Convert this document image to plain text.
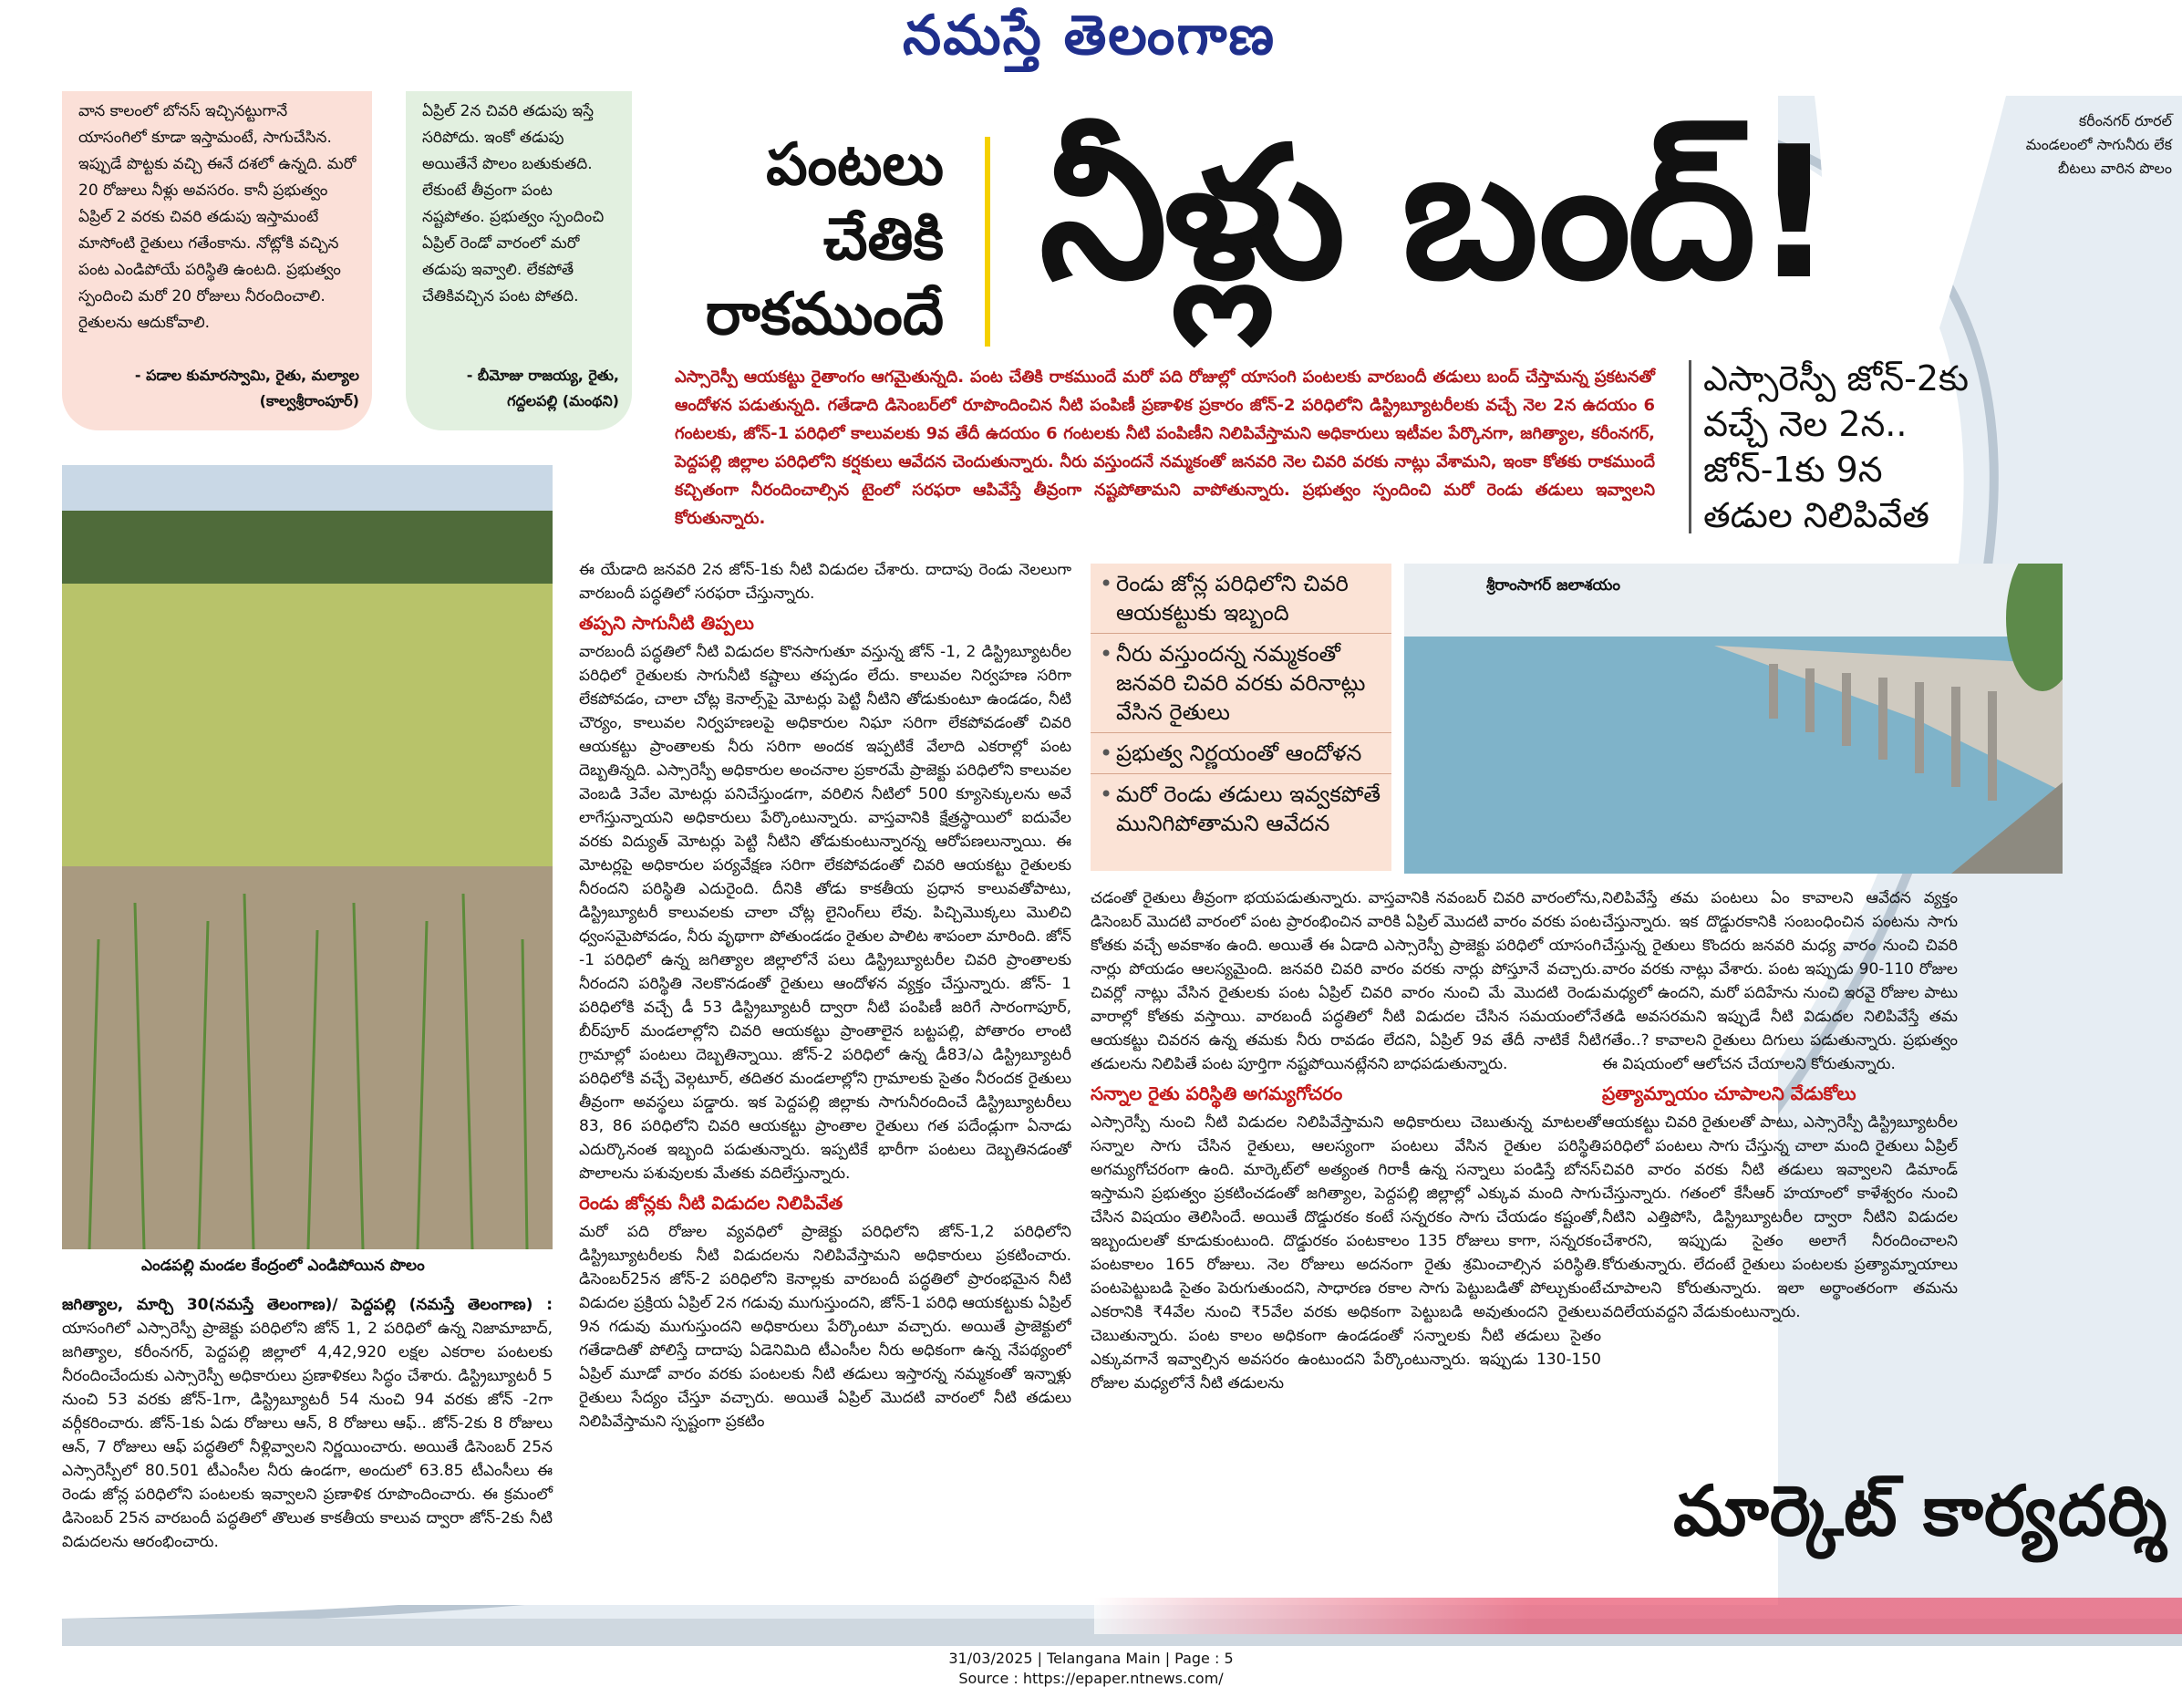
నమస్తే తెలంగాణ
వాన కాలంలో బోనస్ ఇచ్చినట్టుగానే యాసంగిలో కూడా ఇస్తామంటే, సాగుచేసిన. ఇప్పుడే పొట్టకు వచ్చి ఈనే దశలో ఉన్నది. మరో 20 రోజులు నీళ్లు అవసరం. కానీ ప్రభుత్వం ఏప్రిల్ 2 వరకు చివరి తడుపు ఇస్తామంటే మాసోంటి రైతులు గతేంకాను. నోట్లోకి వచ్చిన పంట ఎండిపోయే పరిస్థితి ఉంటది. ప్రభుత్వం స్పందించి మరో 20 రోజులు నీరందించాలి. రైతులను ఆదుకోవాలి.
- పడాల కుమారస్వామి, రైతు, మల్యాల (కాల్వశ్రీరాంపూర్)
ఏప్రిల్ 2న చివరి తడుపు ఇస్తే సరిపోదు. ఇంకో తడుపు అయితేనే పొలం బతుకుతది. లేకుంటే తీవ్రంగా పంట నష్టపోతం. ప్రభుత్వం స్పందించి ఏప్రిల్ రెండో వారంలో మరో తడుపు ఇవ్వాలి. లేకపోతే చేతికివచ్చిన పంట పోతది.
- బీమోజు రాజయ్య, రైతు, గద్దలపల్లి (మంథని)
ఎండపల్లి మండల కేంద్రంలో ఎండిపోయిన పొలం
జగిత్యాల, మార్చి 30(నమస్తే తెలంగాణ)/ పెద్దపల్లి (నమస్తే తెలంగాణ) : యాసంగిలో ఎస్సారెస్పీ ప్రాజెక్టు పరిధిలోని జోన్ 1, 2 పరిధిలో ఉన్న నిజామాబాద్, జగిత్యాల, కరీంనగర్, పెద్దపల్లి జిల్లాలో 4,42,920 లక్షల ఎకరాల పంటలకు నీరందించేందుకు ఎస్సారెస్పీ అధికారులు ప్రణాళికలు సిద్ధం చేశారు. డిస్ట్రిబ్యూటరీ 5 నుంచి 53 వరకు జోన్-1గా, డిస్ట్రిబ్యూటరీ 54 నుంచి 94 వరకు జోన్ -2గా వర్గీకరించారు. జోన్-1కు ఏడు రోజులు ఆన్, 8 రోజులు ఆఫ్.. జోన్-2కు 8 రోజులు ఆన్, 7 రోజులు ఆఫ్ పద్ధతిలో నీళ్లివ్వాలని నిర్ణయించారు. అయితే డిసెంబర్ 25న ఎస్సారెస్పీలో 80.501 టీఎంసీల నీరు ఉండగా, అందులో 63.85 టీఎంసీలు ఈ రెండు జోన్ల పరిధిలోని పంటలకు ఇవ్వాలని ప్రణాళిక రూపొందించారు. ఈ క్రమంలో డిసెంబర్ 25న వారబందీ పద్ధతిలో తొలుత కాకతీయ కాలువ ద్వారా జోన్-2కు నీటి విడుదలను ఆరంభించారు.
పంటలు
చేతికి
రాకముందే నీళ్లు బంద్!	కరీంనగర్ రూరల్ మండలంలో సాగునీరు లేక బీటలు వారిన పొలం
ఎస్సారెస్పీ ఆయకట్టు రైతాంగం ఆగమైతున్నది. పంట చేతికి రాకముందే మరో పది రోజుల్లో యాసంగి పంటలకు వారబందీ తడులు బంద్ చేస్తామన్న ప్రకటనతో ఆందోళన పడుతున్నది. గతేడాది డిసెంబర్‌లో రూపొందించిన నీటి పంపిణీ ప్రణాళిక ప్రకారం జోన్-2 పరిధిలోని డిస్ట్రిబ్యూటరీలకు వచ్చే నెల 2న ఉదయం 6 గంటలకు, జోన్-1 పరిధిలో కాలువలకు 9వ తేదీ ఉదయం 6 గంటలకు నీటి పంపిణీని నిలిపివేస్తామని అధికారులు ఇటీవల పేర్కొనగా, జగిత్యాల, కరీంనగర్, పెద్దపల్లి జిల్లాల పరిధిలోని కర్షకులు ఆవేదన చెందుతున్నారు. నీరు వస్తుందనే నమ్మకంతో జనవరి నెల చివరి వరకు నాట్లు వేశామని, ఇంకా కోతకు రాకముందే కచ్చితంగా నీరందించాల్సిన టైంలో సరఫరా ఆపివేస్తే తీవ్రంగా నష్టపోతామని వాపోతున్నారు. ప్రభుత్వం స్పందించి మరో రెండు తడులు ఇవ్వాలని కోరుతున్నారు.
ఎస్సారెస్పీ జోన్-2కు
వచ్చే నెల 2న..
జోన్-1కు 9న
తడుల నిలిపివేత
ఈ యేడాది జనవరి 2న జోన్-1కు నీటి విడుదల చేశారు. దాదాపు రెండు నెలలుగా వారబందీ పద్ధతిలో సరఫరా చేస్తున్నారు.
తప్పని సాగునీటి తిప్పలు
వారబందీ పద్ధతిలో నీటి విడుదల కొనసాగుతూ వస్తున్న జోన్ -1, 2 డిస్ట్రిబ్యూటరీల పరిధిలో రైతులకు సాగునీటి కష్టాలు తప్పడం లేదు. కాలువల నిర్వహణ సరిగా లేకపోవడం, చాలా చోట్ల కెనాల్స్‌పై మోటర్లు పెట్టి నీటిని తోడుకుంటూ ఉండడం, నీటి చౌర్యం, కాలువల నిర్వహణలపై అధికారుల నిఘా సరిగా లేకపోవడంతో చివరి ఆయకట్టు ప్రాంతాలకు నీరు సరిగా అందక ఇప్పటికే వేలాది ఎకరాల్లో పంట దెబ్బతిన్నది. ఎస్సారెస్పీ అధికారుల అంచనాల ప్రకారమే ప్రాజెక్టు పరిధిలోని కాలువల వెంబడి 3వేల మోటర్లు పనిచేస్తుండగా, వరిలిన నీటిలో 500 క్యూసెక్కులను అవే లాగేస్తున్నాయని అధికారులు పేర్కొంటున్నారు. వాస్తవానికి క్షేత్రస్థాయిలో ఐదువేల వరకు విద్యుత్ మోటర్లు పెట్టి నీటిని తోడుకుంటున్నారన్న ఆరోపణలున్నాయి. ఈ మోటర్లపై అధికారుల పర్యవేక్షణ సరిగా లేకపోవడంతో చివరి ఆయకట్టు రైతులకు నీరందని పరిస్థితి ఎదురైంది. దీనికి తోడు కాకతీయ ప్రధాన కాలువతోపాటు, డిస్ట్రిబ్యూటరీ కాలువలకు చాలా చోట్ల లైనింగ్‌లు లేవు. పిచ్చిమొక్కలు మొలిచి ధ్వంసమైపోవడం, నీరు వృథాగా పోతుండడం రైతుల పాలిట శాపంలా మారింది. జోన్ -1 పరిధిలో ఉన్న జగిత్యాల జిల్లాలోనే పలు డిస్ట్రిబ్యూటరీల చివరి ప్రాంతాలకు నీరందని పరిస్థితి నెలకొనడంతో రైతులు ఆందోళన వ్యక్తం చేస్తున్నారు. జోన్- 1 పరిధిలోకి వచ్చే డీ 53 డిస్ట్రిబ్యూటరీ ద్వారా నీటి పంపిణీ జరిగే సారంగాపూర్, బీర్‌పూర్ మండలాల్లోని చివరి ఆయకట్టు ప్రాంతాలైన బట్టపల్లి, పోతారం లాంటి గ్రామాల్లో పంటలు దెబ్బతిన్నాయి. జోన్-2 పరిధిలో ఉన్న డీ83/ఎ డిస్ట్రిబ్యూటరీ పరిధిలోకి వచ్చే వెల్గటూర్, తదితర మండలాల్లోని గ్రామాలకు సైతం నీరందక రైతులు తీవ్రంగా అవస్థలు పడ్డారు. ఇక పెద్దపల్లి జిల్లాకు సాగునీరందించే డిస్ట్రిబ్యూటరీలు 83, 86 పరిధిలోని చివరి ఆయకట్టు ప్రాంతాల రైతులు గత పదేండ్లుగా ఏనాడు ఎదుర్కొనంత ఇబ్బంది పడుతున్నారు. ఇప్పటికే భారీగా పంటలు దెబ్బతినడంతో పొలాలను పశువులకు మేతకు వదిలేస్తున్నారు.
రెండు జోన్లకు నీటి విడుదల నిలిపివేత
మరో పది రోజుల వ్యవధిలో ప్రాజెక్టు పరిధిలోని జోన్-1,2 పరిధిలోని డిస్ట్రిబ్యూటరీలకు నీటి విడుదలను నిలిపివేస్తామని అధికారులు ప్రకటించారు. డిసెంబర్25న జోన్-2 పరిధిలోని కెనాల్లకు వారబందీ పద్ధతిలో ప్రారంభమైన నీటి విడుదల ప్రక్రియ ఏప్రిల్ 2న గడువు ముగుస్తుందని, జోన్-1 పరిధి ఆయకట్టుకు ఏప్రిల్ 9న గడువు ముగుస్తుందని అధికారులు పేర్కొంటూ వచ్చారు. అయితే ప్రాజెక్టులో గతేడాదితో పోలిస్తే దాదాపు ఏడెనిమిది టీఎంసీల నీరు అధికంగా ఉన్న నేపథ్యంలో ఏప్రిల్ మూడో వారం వరకు పంటలకు నీటి తడులు ఇస్తారన్న నమ్మకంతో ఇన్నాళ్లు రైతులు సేద్యం చేస్తూ వచ్చారు. అయితే ఏప్రిల్ మొదటి వారంలో నీటి తడులు నిలిపివేస్తామని స్పష్టంగా ప్రకటిం
• రెండు జోన్ల పరిధిలోని చివరి ఆయకట్టుకు ఇబ్బంది
• నీరు వస్తుందన్న నమ్మకంతో జనవరి చివరి వరకు వరినాట్లు వేసిన రైతులు
• ప్రభుత్వ నిర్ణయంతో ఆందోళన
• మరో రెండు తడులు ఇవ్వకపోతే మునిగిపోతామని ఆవేదన
శ్రీరాంసాగర్ జలాశయం
చడంతో రైతులు తీవ్రంగా భయపడుతున్నారు. వాస్తవానికి నవంబర్ చివరి వారంలోను, డిసెంబర్ మొదటి వారంలో పంట ప్రారంభించిన వారికి ఏప్రిల్ మొదటి వారం వరకు పంట కోతకు వచ్చే అవకాశం ఉంది. అయితే ఈ ఏడాది ఎస్సారెస్పీ ప్రాజెక్టు పరిధిలో యాసంగి నార్లు పోయడం ఆలస్యమైంది. జనవరి చివరి వారం వరకు నార్లు పోస్తూనే వచ్చారు. చివర్లో నాట్లు వేసిన రైతులకు పంట ఏప్రిల్ చివరి వారం నుంచి మే మొదటి రెండు వారాల్లో కోతకు వస్తాయి. వారబందీ పద్ధతిలో నీటి విడుదల చేసిన సమయంలోనే ఆయకట్టు చివరన ఉన్న తమకు నీరు రావడం లేదని, ఏప్రిల్ 9వ తేదీ నాటికే నీటి తడులను నిలిపితే పంట పూర్తిగా నష్టపోయినట్లేనని బాధపడుతున్నారు.
సన్నాల రైతు పరిస్థితి అగమ్యగోచరం
ఎస్సారెస్పీ నుంచి నీటి విడుదల నిలిపివేస్తామని అధికారులు చెబుతున్న మాటలతో సన్నాల సాగు చేసిన రైతులు, ఆలస్యంగా పంటలు వేసిన రైతుల పరిస్థితి అగమ్యగోచరంగా ఉంది. మార్కెట్‌లో అత్యంత గిరాకీ ఉన్న సన్నాలు పండిస్తే బోనస్ ఇస్తామని ప్రభుత్వం ప్రకటించడంతో జగిత్యాల, పెద్దపల్లి జిల్లాల్లో ఎక్కువ మంది సాగు చేసిన విషయం తెలిసిందే. అయితే దొడ్డురకం కంటే సన్నరకం సాగు చేయడం కష్టంతో, ఇబ్బందులతో కూడుకుంటుంది. దొడ్డురకం పంటకాలం 135 రోజులు కాగా, సన్నరకం పంటకాలం 165 రోజులు. నెల రోజులు అదనంగా రైతు శ్రమించాల్సిన పరిస్థితి. పంటపెట్టుబడి సైతం పెరుగుతుందని, సాధారణ రకాల సాగు పెట్టుబడితో పోల్చుకుంటే ఎకరానికి ₹4వేల నుంచి ₹5వేల వరకు అధికంగా పెట్టుబడి అవుతుందని రైతులు చెబుతున్నారు. పంట కాలం అధికంగా ఉండడంతో సన్నాలకు నీటి తడులు సైతం ఎక్కువగానే ఇవ్వాల్సిన అవసరం ఉంటుందని పేర్కొంటున్నారు. ఇప్పుడు 130-150 రోజుల మధ్యలోనే నీటి తడులను
నిలిపివేస్తే తమ పంటలు ఏం కావాలని ఆవేదన వ్యక్తం చేస్తున్నారు. ఇక దొడ్డురకానికి సంబంధించిన పంటను సాగు చేస్తున్న రైతులు కొందరు జనవరి మధ్య వారం నుంచి చివరి వారం వరకు నాట్లు వేశారు. పంట ఇప్పుడు 90-110 రోజుల మధ్యలో ఉందని, మరో పదిహేను నుంచి ఇరవై రోజుల పాటు తడి అవసరమని ఇప్పుడే నీటి విడుదల నిలిపివేస్తే తమ గతేం..? కావాలని రైతులు దిగులు పడుతున్నారు. ప్రభుత్వం ఈ విషయంలో ఆలోచన చేయాలని కోరుతున్నారు.
ప్రత్యామ్నాయం చూపాలని వేడుకోలు
ఆయకట్టు చివరి రైతులతో పాటు, ఎస్సారెస్పీ డిస్ట్రిబ్యూటరీల పరిధిలో పంటలు సాగు చేస్తున్న చాలా మంది రైతులు ఏప్రిల్ చివరి వారం వరకు నీటి తడులు ఇవ్వాలని డిమాండ్ చేస్తున్నారు. గతంలో కేసీఆర్ హయాంలో కాళేశ్వరం నుంచి నీటిని ఎత్తిపోసి, డిస్ట్రిబ్యూటరీల ద్వారా నీటిని విడుదల చేశారని, ఇప్పుడు సైతం అలాగే నీరందించాలని కోరుతున్నారు. లేదంటే రైతులు పంటలకు ప్రత్యామ్నాయాలు చూపాలని కోరుతున్నారు. ఇలా అర్థాంతరంగా తమను వదిలేయవద్దని వేడుకుంటున్నారు.
మార్కెట్ కార్యదర్శి
31/03/2025 | Telangana Main | Page : 5
Source : https://epaper.ntnews.com/
